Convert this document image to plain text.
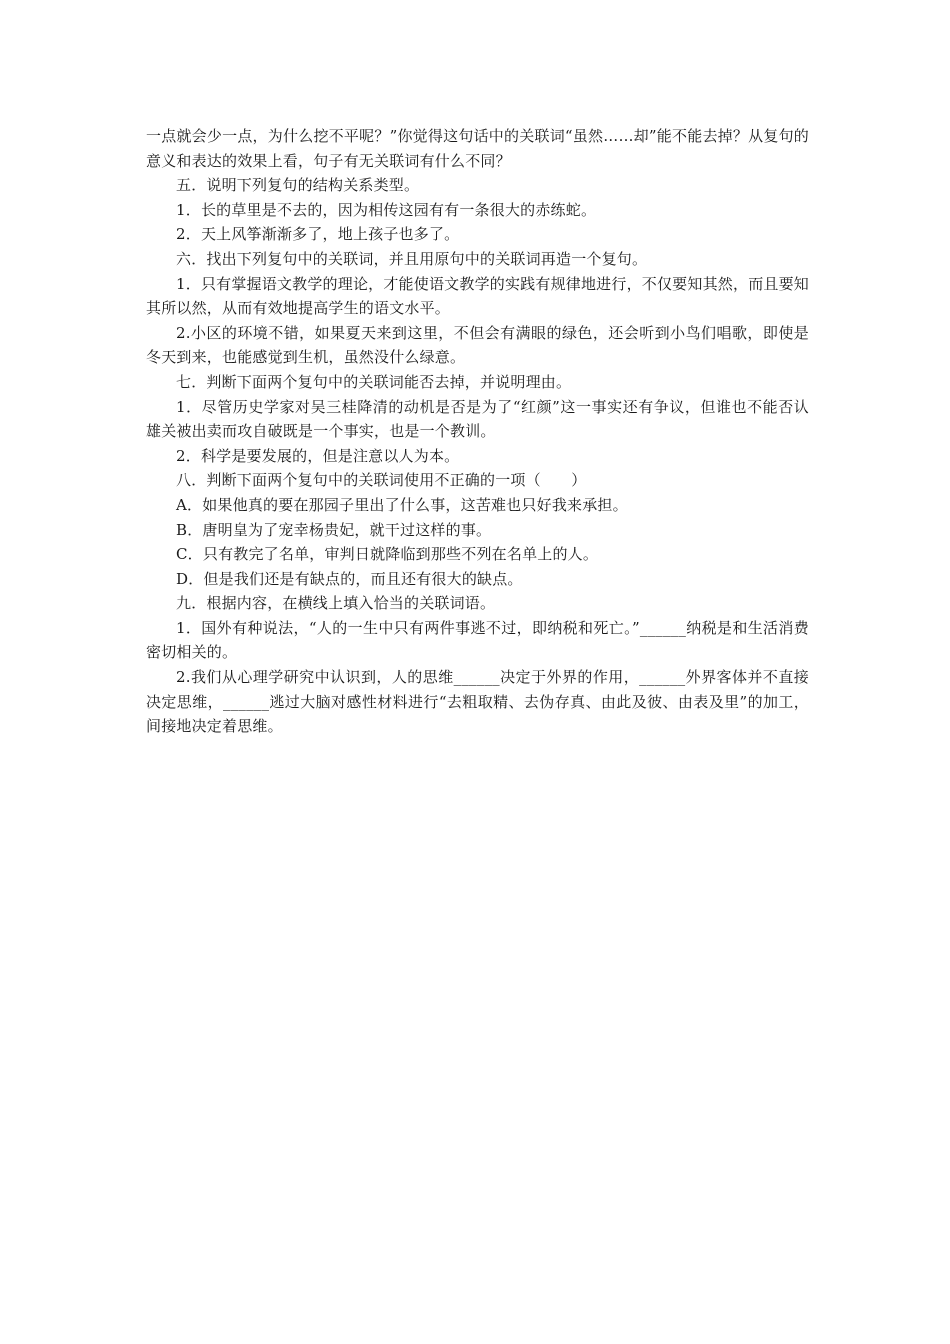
一点就会少一点，为什么挖不平呢？”你觉得这句话中的关联词“虽然……却”能不能去掉？从复句的意义和表达的效果上看，句子有无关联词有什么不同？

五．说明下列复句的结构关系类型。

1．长的草里是不去的，因为相传这园有有一条很大的赤练蛇。

2．天上风筝渐渐多了，地上孩子也多了。

六．找出下列复句中的关联词，并且用原句中的关联词再造一个复句。

1．只有掌握语文教学的理论，才能使语文教学的实践有规律地进行，不仅要知其然，而且要知其所以然，从而有效地提高学生的语文水平。

2.小区的环境不错，如果夏天来到这里，不但会有满眼的绿色，还会听到小鸟们唱歌，即使是冬天到来，也能感觉到生机，虽然没什么绿意。

七．判断下面两个复句中的关联词能否去掉，并说明理由。

1．尽管历史学家对吴三桂降清的动机是否是为了“红颜”这一事实还有争议，但谁也不能否认雄关被出卖而攻自破既是一个事实，也是一个教训。

2．科学是要发展的，但是注意以人为本。

八．判断下面两个复句中的关联词使用不正确的一项（　　）

A．如果他真的要在那园子里出了什么事，这苦难也只好我来承担。

B．唐明皇为了宠幸杨贵妃，就干过这样的事。

C．只有教完了名单，审判日就降临到那些不列在名单上的人。

D．但是我们还是有缺点的，而且还有很大的缺点。

九．根据内容，在横线上填入恰当的关联词语。

1．国外有种说法，“人的一生中只有两件事逃不过，即纳税和死亡。”______纳税是和生活消费密切相关的。

2.我们从心理学研究中认识到，人的思维______决定于外界的作用，______外界客体并不直接决定思维，______逃过大脑对感性材料进行“去粗取精、去伪存真、由此及彼、由表及里”的加工，间接地决定着思维。
